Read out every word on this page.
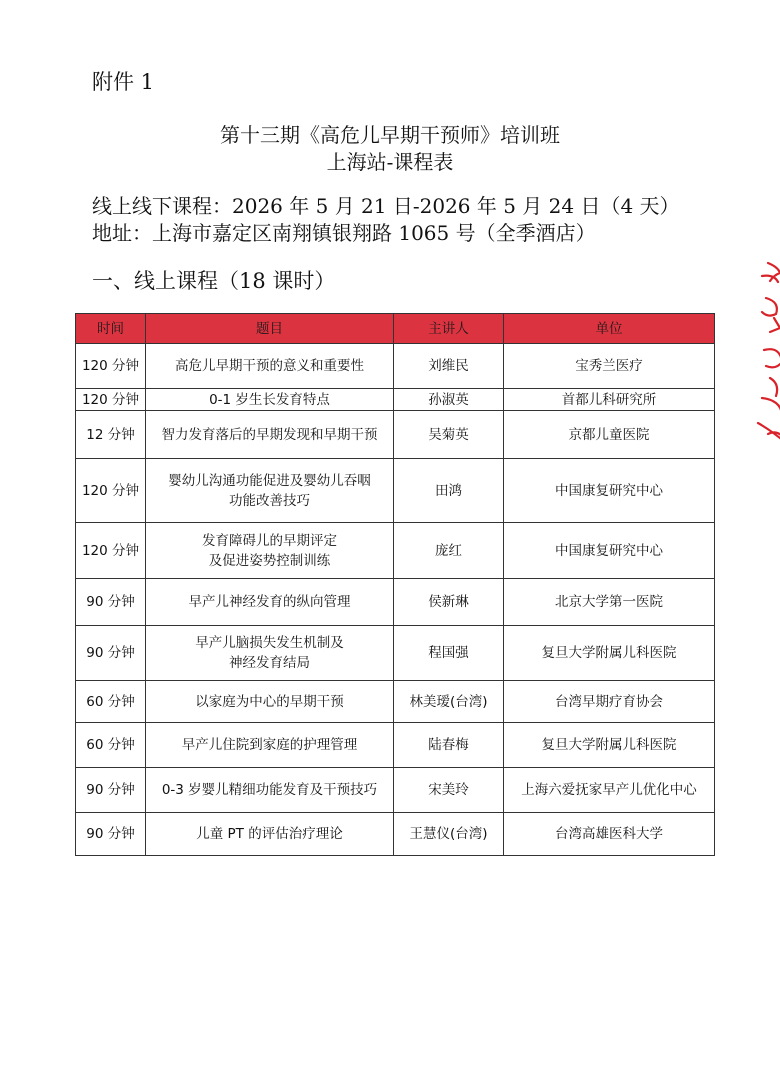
附件 1
第十三期《高危儿早期干预师》培训班
上海站-课程表
线上线下课程：2026 年 5 月 21 日-2026 年 5 月 24 日（4 天）
地址：上海市嘉定区南翔镇银翔路 1065 号（全季酒店）
一、线上课程（18 课时）
时间	题目	主讲人	单位
120 分钟	高危儿早期干预的意义和重要性	刘维民	宝秀兰医疗
120 分钟	0-1 岁生长发育特点	孙淑英	首都儿科研究所
12 分钟	智力发育落后的早期发现和早期干预	吴菊英	京都儿童医院
120 分钟	婴幼儿沟通功能促进及婴幼儿吞咽
功能改善技巧	田鸿	中国康复研究中心
120 分钟	发育障碍儿的早期评定
及促进姿势控制训练	庞红	中国康复研究中心
90 分钟	早产儿神经发育的纵向管理	侯新琳	北京大学第一医院
90 分钟	早产儿脑损失发生机制及
神经发育结局	程国强	复旦大学附属儿科医院
60 分钟	以家庭为中心的早期干预	林美瑷(台湾)	台湾早期疗育协会
60 分钟	早产儿住院到家庭的护理管理	陆春梅	复旦大学附属儿科医院
90 分钟	0-3 岁婴儿精细功能发育及干预技巧	宋美玲	上海六爱抚家早产儿优化中心
90 分钟	儿童 PT 的评估治疗理论	王慧仪(台湾)	台湾高雄医科大学
